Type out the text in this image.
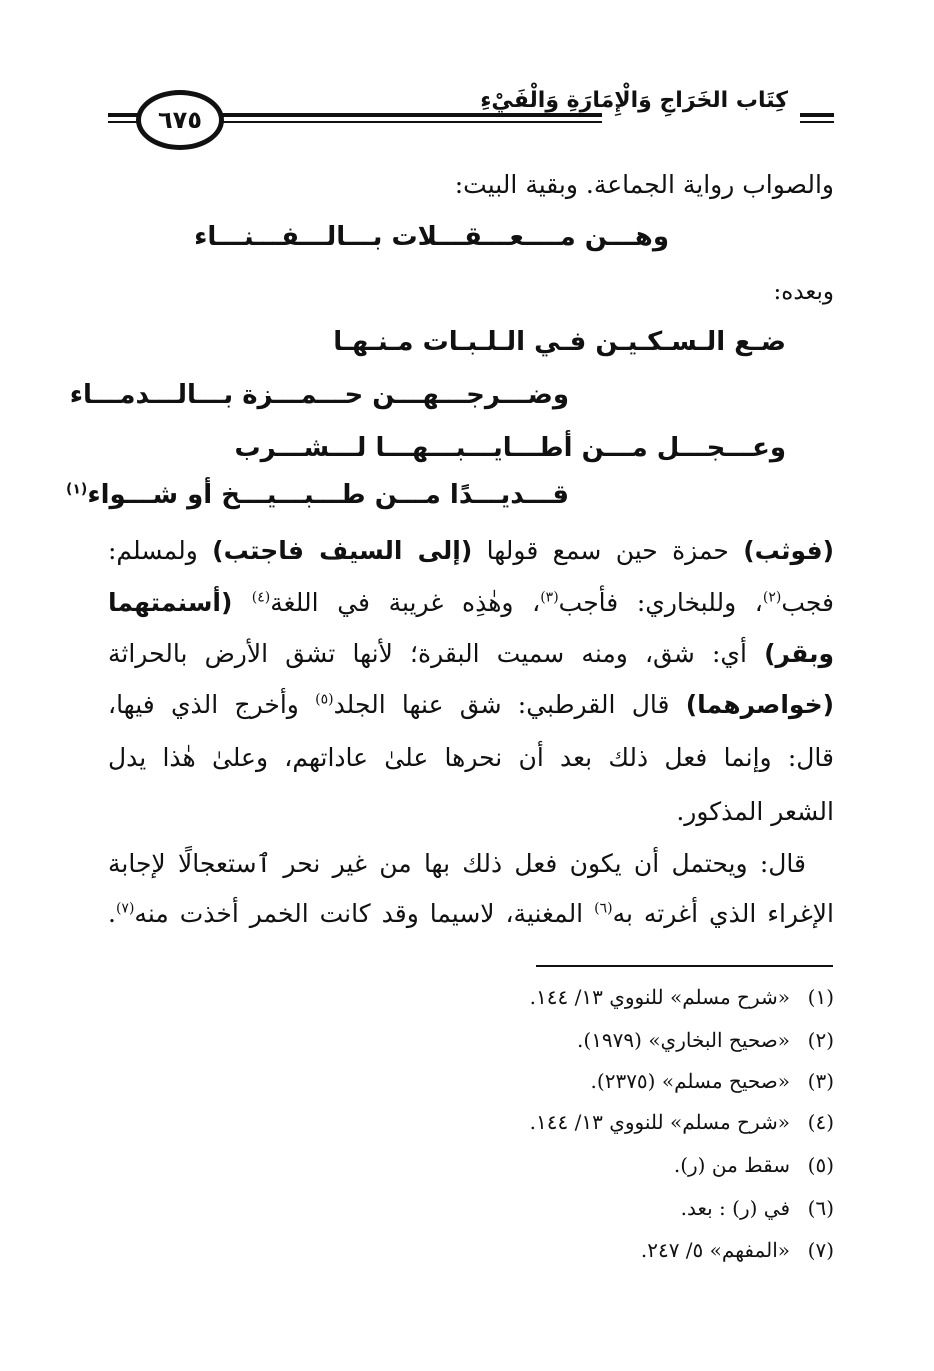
٦٧٥
كِتَاب الخَرَاجِ وَالْإِمَارَةِ وَالْفَيْءِ
والصواب رواية الجماعة. وبقية البيت:
وهـــن مــــعـــقـــلات بـــالـــفـــنـــاء
وبعده:
ضـع الـسـكـيـن فـي الـلـبـات مـنـهـا
وضـــرجـــهـــن حـــمـــزة بـــالـــدمـــاء
وعـــجـــل مـــن أطـــايـــبـــهـــا لـــشـــرب
قـــديـــدًا مـــن طـــبـــيـــخ أو شـــواء$^{(١)}$
(فوثب) حمزة حين سمع قولها (إلى السيف فاجتب) ولمسلم:
فجب$^{(٢)}$، وللبخاري: فأجب$^{(٣)}$، وهٰذِه غريبة في اللغة$^{(٤)}$ (أسنمتهما
وبقر) أي: شق، ومنه سميت البقرة؛ لأنها تشق الأرض بالحراثة
(خواصرهما) قال القرطبي: شق عنها الجلد$^{(٥)}$ وأخرج الذي فيها،
قال: وإنما فعل ذلك بعد أن نحرها علىٰ عاداتهم، وعلىٰ هٰذا يدل
الشعر المذكور.
قال: ويحتمل أن يكون فعل ذلك بها من غير نحر ٱستعجالًا لإجابة
الإغراء الذي أغرته به$^{(٦)}$ المغنية، لاسيما وقد كانت الخمر أخذت منه$^{(٧)}$.
(١)«شرح مسلم» للنووي ١٣/ ١٤٤.
(٢)«صحيح البخاري» (١٩٧٩).
(٣)«صحيح مسلم» (٢٣٧٥).
(٤)«شرح مسلم» للنووي ١٣/ ١٤٤.
(٥)سقط من (ر).
(٦)في (ر) : بعد.
(٧)«المفهم» ٥/ ٢٤٧.
